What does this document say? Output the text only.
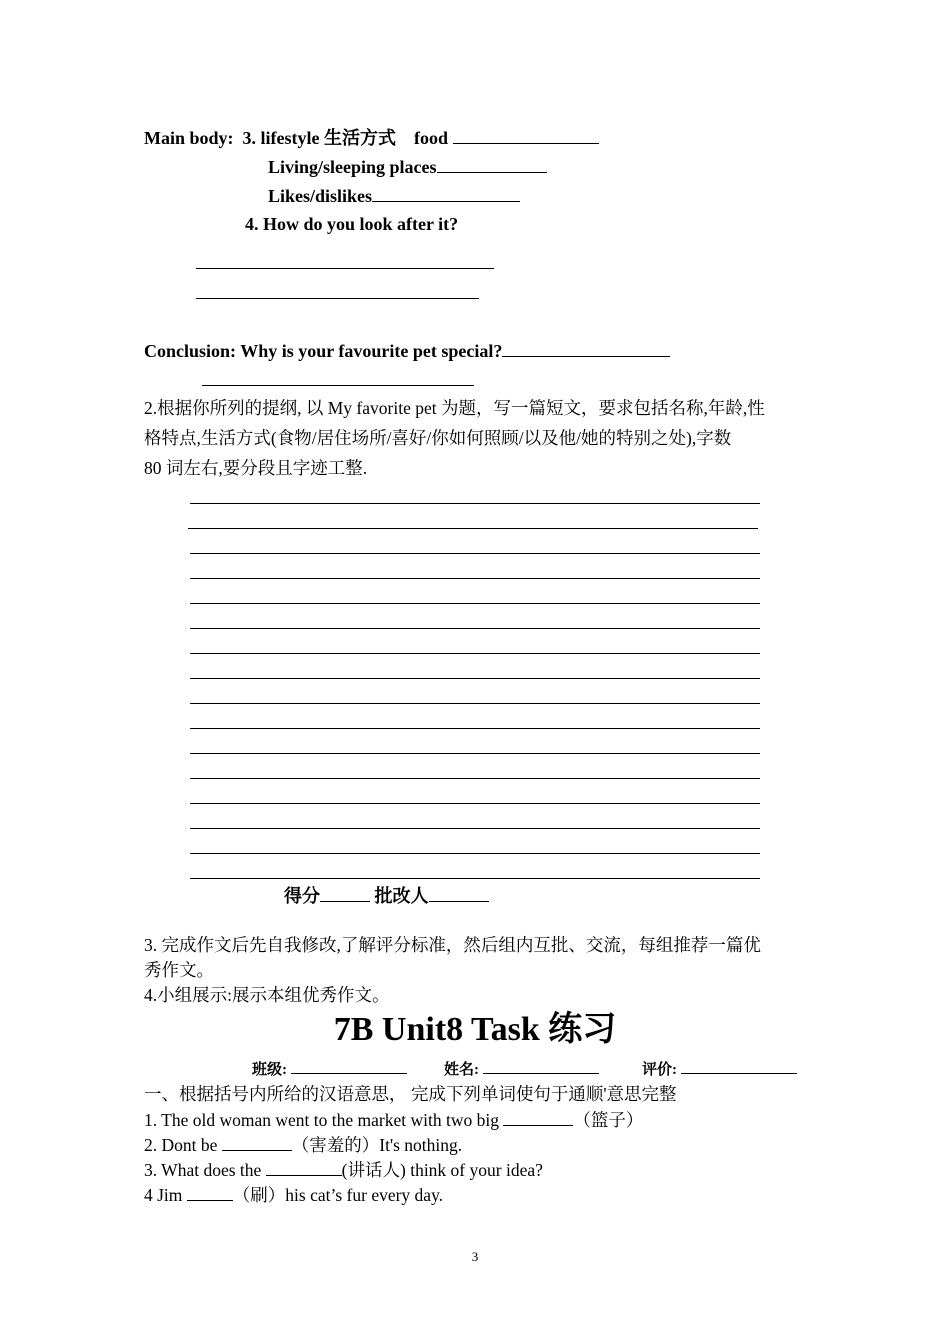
Main body: 3. lifestyle 生活方式 food
Living/sleeping places
Likes/dislikes
4. How do you look after it?
Conclusion: Why is your favourite pet special?
2.根据你所列的提纲, 以 My favorite pet 为题，写一篇短文，要求包括名称,年龄,性
格特点,生活方式(食物/居住场所/喜好/你如何照顾/以及他/她的特别之处),字数
80 词左右,要分段且字迹工整.
得分	批改人
3. 完成作文后先自我修改,了解评分标准，然后组内互批、交流，每组推荐一篇优
秀作文。
4.小组展示:展示本组优秀作文。
7B Unit8 Task 练习
班级:	姓名:	评价:
一、根据括号内所给的汉语意思， 完成下列单词使句于通顺'意思完整
1. The old woman went to the market with two big	（篮子）
2. Dont be	（害羞的）It's nothing.
3. What does the	(讲话人) think of your idea?
4 Jim	（刷）his cat’s fur every day.
3
